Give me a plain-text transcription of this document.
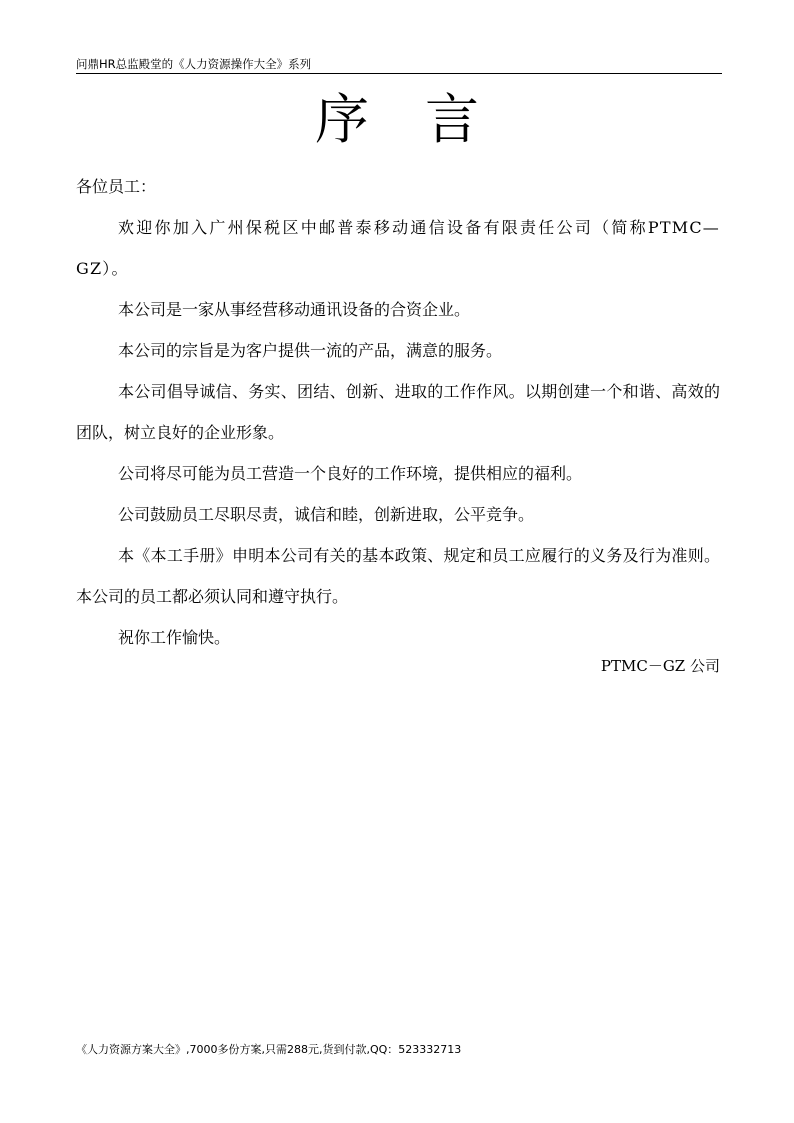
问鼎HR总监殿堂的《人力资源操作大全》系列
序言

各位员工：

欢迎你加入广州保税区中邮普泰移动通信设备有限责任公司（简称PTMC—GZ）。

本公司是一家从事经营移动通讯设备的合资企业。

本公司的宗旨是为客户提供一流的产品，满意的服务。

本公司倡导诚信、务实、团结、创新、进取的工作作风。以期创建一个和谐、高效的团队，树立良好的企业形象。

公司将尽可能为员工营造一个良好的工作环境，提供相应的福利。

公司鼓励员工尽职尽责，诚信和睦，创新进取，公平竞争。

本《本工手册》申明本公司有关的基本政策、规定和员工应履行的义务及行为准则。本公司的员工都必须认同和遵守执行。

祝你工作愉快。

PTMC－GZ 公司

《人力资源方案大全》,7000多份方案,只需288元,货到付款,QQ：523332713
